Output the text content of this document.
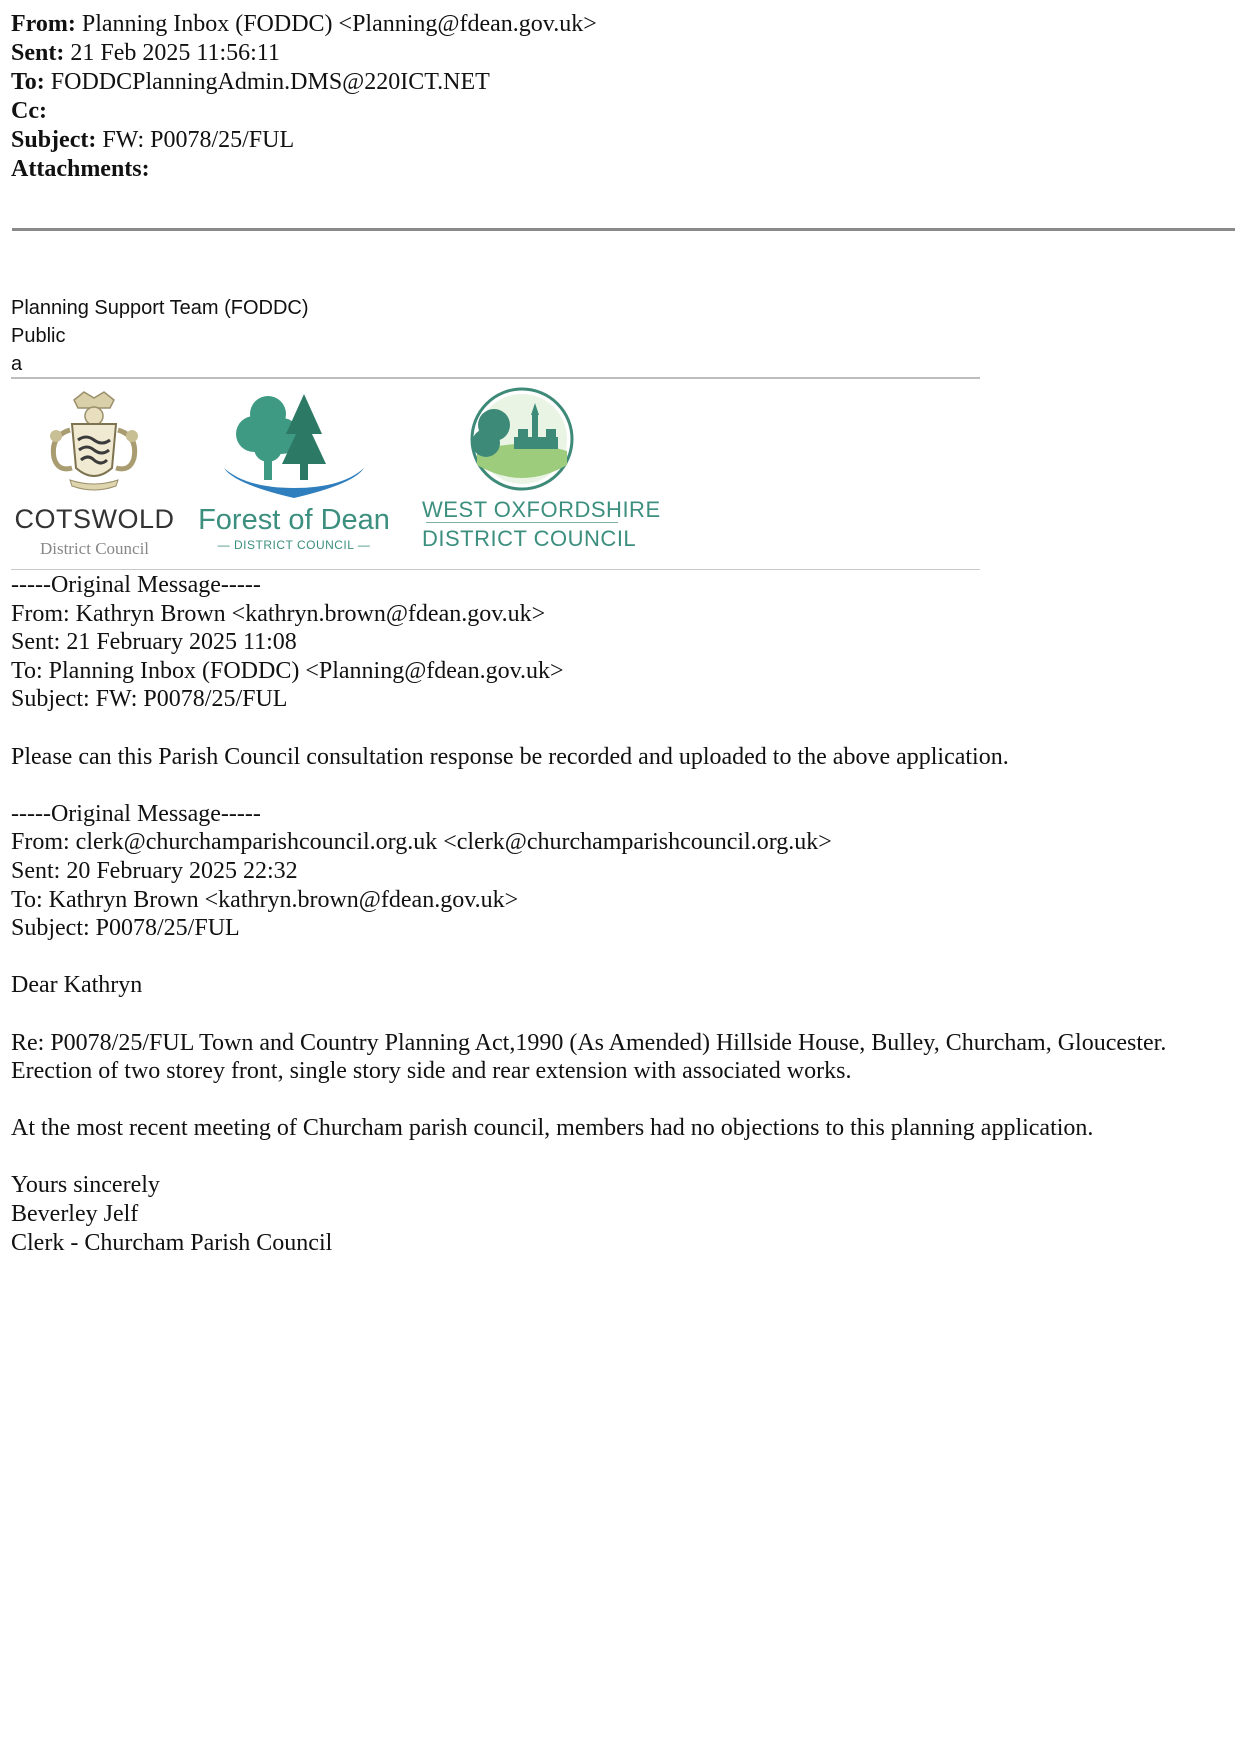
From: Planning Inbox (FODDC) <Planning@fdean.gov.uk>
Sent: 21 Feb 2025 11:56:11
To: FODDCPlanningAdmin.DMS@220ICT.NET
Cc:
Subject: FW: P0078/25/FUL
Attachments:
Planning Support Team (FODDC)
Public
a
COTSWOLD
District Council
Forest of Dean
— DISTRICT COUNCIL —
WEST OXFORDSHIRE
DISTRICT COUNCIL
-----Original Message-----
From: Kathryn Brown <kathryn.brown@fdean.gov.uk>
Sent: 21 February 2025 11:08
To: Planning Inbox (FODDC) <Planning@fdean.gov.uk>
Subject: FW: P0078/25/FUL
Please can this Parish Council consultation response be recorded and uploaded to the above application.
-----Original Message-----
From: clerk@churchamparishcouncil.org.uk <clerk@churchamparishcouncil.org.uk>
Sent: 20 February 2025 22:32
To: Kathryn Brown <kathryn.brown@fdean.gov.uk>
Subject: P0078/25/FUL
Dear Kathryn
Re: P0078/25/FUL Town and Country Planning Act,1990 (As Amended) Hillside House, Bulley, Churcham, Gloucester.
Erection of two storey front, single story side and rear extension with associated works.
At the most recent meeting of Churcham parish council, members had no objections to this planning application.
Yours sincerely
Beverley Jelf
Clerk - Churcham Parish Council
